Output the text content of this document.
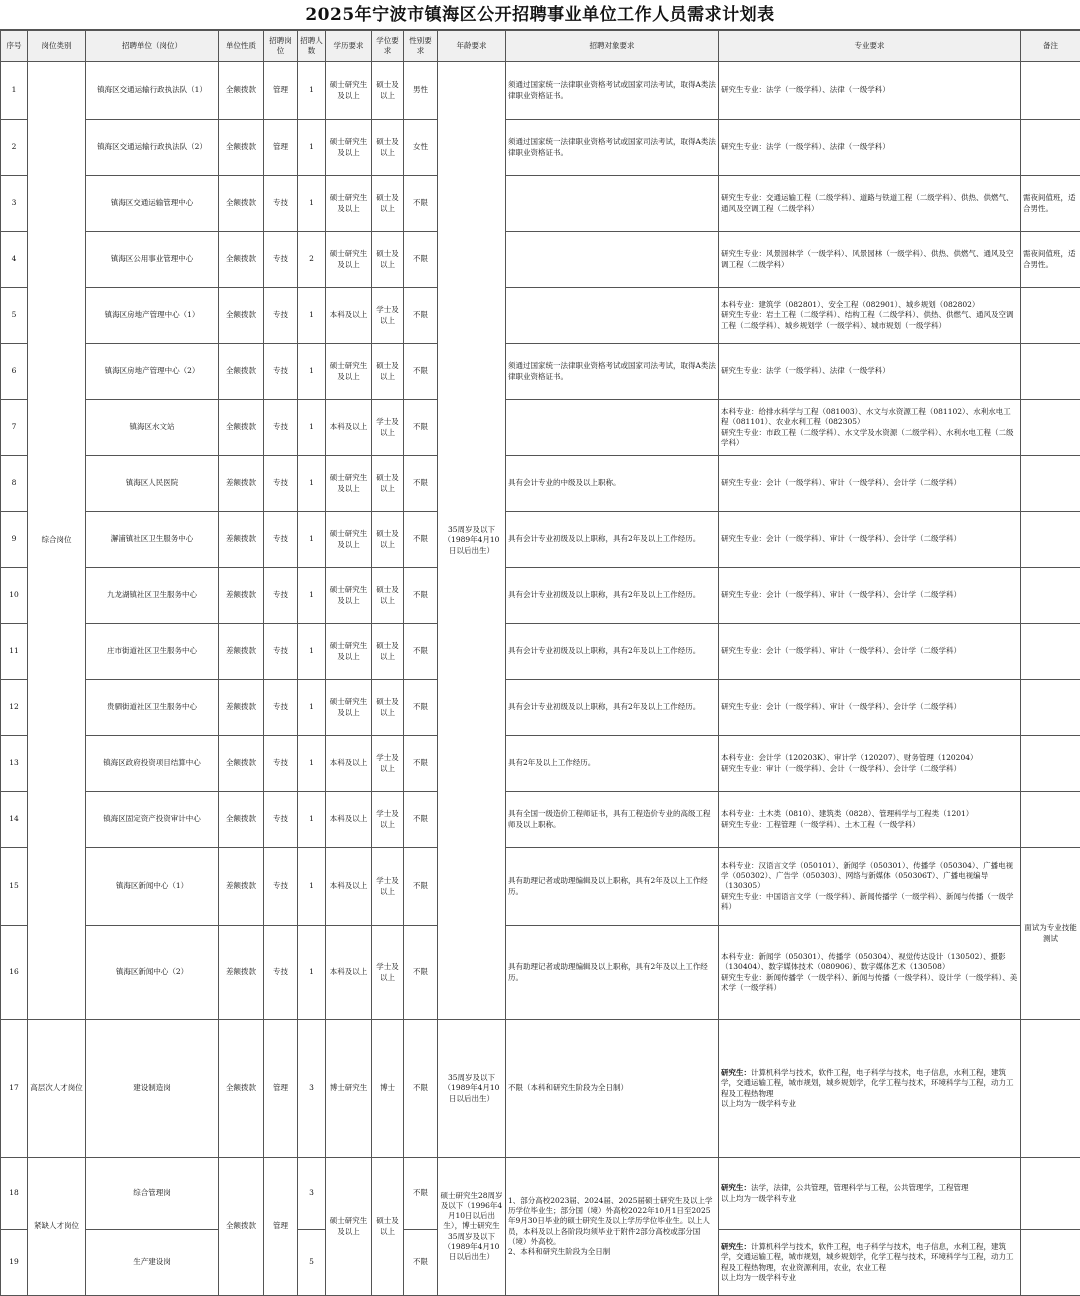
2025年宁波市镇海区公开招聘事业单位工作人员需求计划表
序号	岗位类别	招聘单位（岗位）	单位性质	招聘岗位	招聘人数	学历要求	学位要求	性别要求	年龄要求	招聘对象要求	专业要求	备注
1	综合岗位	镇海区交通运输行政执法队（1）	全额拨款	管理	1	硕士研究生及以上	硕士及以上	男性	35周岁及以下（1989年4月10日以后出生）	须通过国家统一法律职业资格考试或国家司法考试，取得A类法律职业资格证书。	研究生专业：法学（一级学科）、法律（一级学科）	
2		镇海区交通运输行政执法队（2）	全额拨款	管理	1	硕士研究生及以上	硕士及以上	女性		须通过国家统一法律职业资格考试或国家司法考试，取得A类法律职业资格证书。	研究生专业：法学（一级学科）、法律（一级学科）	
3		镇海区交通运输管理中心	全额拨款	专技	1	硕士研究生及以上	硕士及以上	不限			研究生专业：交通运输工程（二级学科）、道路与铁道工程（二级学科）、供热、供燃气、通风及空调工程（二级学科）	需夜间值班，适合男性。
4		镇海区公用事业管理中心	全额拨款	专技	2	硕士研究生及以上	硕士及以上	不限			研究生专业：风景园林学（一级学科）、风景园林（一级学科）、供热、供燃气、通风及空调工程（二级学科）	需夜间值班，适合男性。
5		镇海区房地产管理中心（1）	全额拨款	专技	1	本科及以上	学士及以上	不限			本科专业：建筑学（082801）、安全工程（082901）、城乡规划（082802）
研究生专业：岩土工程（二级学科）、结构工程（二级学科）、供热、供燃气、通风及空调工程（二级学科）、城乡规划学（一级学科）、城市规划（一级学科）	
6		镇海区房地产管理中心（2）	全额拨款	专技	1	硕士研究生及以上	硕士及以上	不限		须通过国家统一法律职业资格考试或国家司法考试，取得A类法律职业资格证书。	研究生专业：法学（一级学科）、法律（一级学科）	
7		镇海区水文站	全额拨款	专技	1	本科及以上	学士及以上	不限			本科专业：给排水科学与工程（081003）、水文与水资源工程（081102）、水利水电工程（081101）、农业水利工程（082305）
研究生专业：市政工程（二级学科）、水文学及水资源（二级学科）、水利水电工程（二级学科）	
8		镇海区人民医院	差额拨款	专技	1	硕士研究生及以上	硕士及以上	不限		具有会计专业的中级及以上职称。	研究生专业：会计（一级学科）、审计（一级学科）、会计学（二级学科）	
9		澥浦镇社区卫生服务中心	差额拨款	专技	1	硕士研究生及以上	硕士及以上	不限		具有会计专业初级及以上职称，具有2年及以上工作经历。	研究生专业：会计（一级学科）、审计（一级学科）、会计学（二级学科）	
10		九龙湖镇社区卫生服务中心	差额拨款	专技	1	硕士研究生及以上	硕士及以上	不限		具有会计专业初级及以上职称，具有2年及以上工作经历。	研究生专业：会计（一级学科）、审计（一级学科）、会计学（二级学科）	
11		庄市街道社区卫生服务中心	差额拨款	专技	1	硕士研究生及以上	硕士及以上	不限		具有会计专业初级及以上职称，具有2年及以上工作经历。	研究生专业：会计（一级学科）、审计（一级学科）、会计学（二级学科）	
12		贵驷街道社区卫生服务中心	差额拨款	专技	1	硕士研究生及以上	硕士及以上	不限		具有会计专业初级及以上职称，具有2年及以上工作经历。	研究生专业：会计（一级学科）、审计（一级学科）、会计学（二级学科）	
13		镇海区政府投资项目结算中心	全额拨款	专技	1	本科及以上	学士及以上	不限		具有2年及以上工作经历。	本科专业：会计学（120203K）、审计学（120207）、财务管理（120204）
研究生专业：审计（一级学科）、会计（一级学科）、会计学（二级学科）	
14		镇海区固定资产投资审计中心	全额拨款	专技	1	本科及以上	学士及以上	不限		具有全国一级造价工程师证书，具有工程造价专业的高级工程师及以上职称。	本科专业：土木类（0810）、建筑类（0828）、管理科学与工程类（1201）
研究生专业：工程管理（一级学科）、土木工程（一级学科）	
15		镇海区新闻中心（1）	差额拨款	专技	1	本科及以上	学士及以上	不限		具有助理记者或助理编辑及以上职称，具有2年及以上工作经历。	本科专业：汉语言文学（050101）、新闻学（050301）、传播学（050304）、广播电视学（050302）、广告学（050303）、网络与新媒体（050306T）、广播电视编导（130305）
研究生专业：中国语言文学（一级学科）、新闻传播学（一级学科）、新闻与传播（一级学科）	面试为专业技能测试
16		镇海区新闻中心（2）	差额拨款	专技	1	本科及以上	学士及以上	不限		具有助理记者或助理编辑及以上职称，具有2年及以上工作经历。	本科专业：新闻学（050301）、传播学（050304）、视觉传达设计（130502）、摄影（130404）、数字媒体技术（080906）、数字媒体艺术（130508）
研究生专业：新闻传播学（一级学科）、新闻与传播（一级学科）、设计学（一级学科）、美术学（一级学科）	
17	高层次人才岗位	建设制造岗	全额拨款	管理	3	博士研究生	博士	不限	35周岁及以下（1989年4月10日以后出生）	不限（本科和研究生阶段为全日制）	研究生：计算机科学与技术，软件工程，电子科学与技术，电子信息，水利工程，建筑学，交通运输工程，城市规划，城乡规划学，化学工程与技术，环境科学与工程，动力工程及工程热物理
以上均为一级学科专业	
18	紧缺人才岗位	综合管理岗	全额拨款	管理	3	硕士研究生及以上	硕士及以上	不限	硕士研究生28周岁及以下（1996年4月10日以后出生），博士研究生35周岁及以下（1989年4月10日以后出生）	1、部分高校2023届、2024届、2025届硕士研究生及以上学历学位毕业生；部分国（境）外高校2022年10月1日至2025年9月30日毕业的硕士研究生及以上学历学位毕业生。以上人员，本科及以上各阶段均须毕业于附件2部分高校或部分国（境）外高校。
2、本科和研究生阶段为全日制	研究生：法学，法律，公共管理，管理科学与工程，公共管理学，工程管理
以上均为一级学科专业	
19		生产建设岗			5			不限			研究生：计算机科学与技术，软件工程，电子科学与技术，电子信息，水利工程，建筑学，交通运输工程，城市规划，城乡规划学，化学工程与技术，环境科学与工程，动力工程及工程热物理，农业资源利用，农业，农业工程
以上均为一级学科专业	
